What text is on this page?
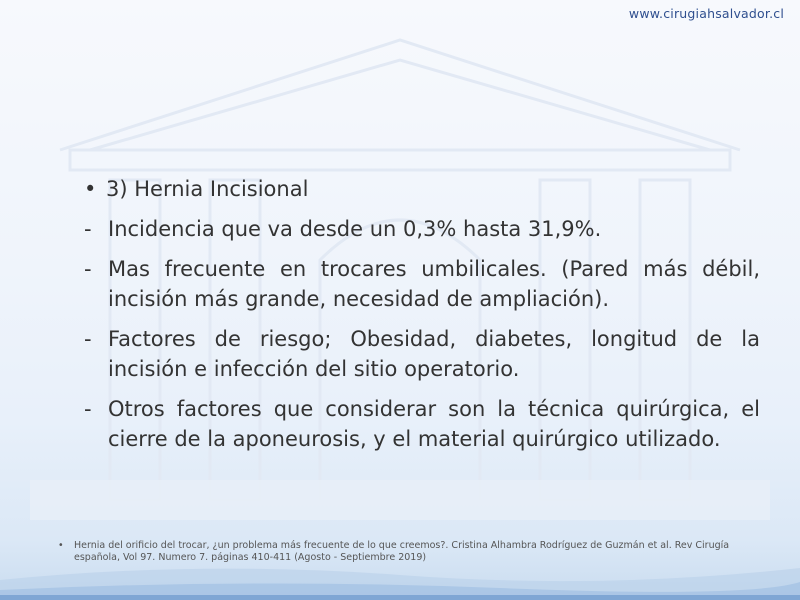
www.cirugiahsalvador.cl
• 3) Hernia Incisional
- Incidencia que va desde un 0,3% hasta 31,9%.
- Mas frecuente en trocares umbilicales. (Pared más débil, incisión más grande, necesidad de ampliación).
- Factores de riesgo; Obesidad, diabetes, longitud de la incisión e infección del sitio operatorio.
- Otros factores que considerar son la técnica quirúrgica, el cierre de la aponeurosis, y el material quirúrgico utilizado.
•	Hernia del orificio del trocar, ¿un problema más frecuente de lo que creemos?. Cristina Alhambra Rodríguez de Guzmán et al. Rev Cirugía española, Vol 97. Numero 7. páginas 410-411 (Agosto - Septiembre 2019)
